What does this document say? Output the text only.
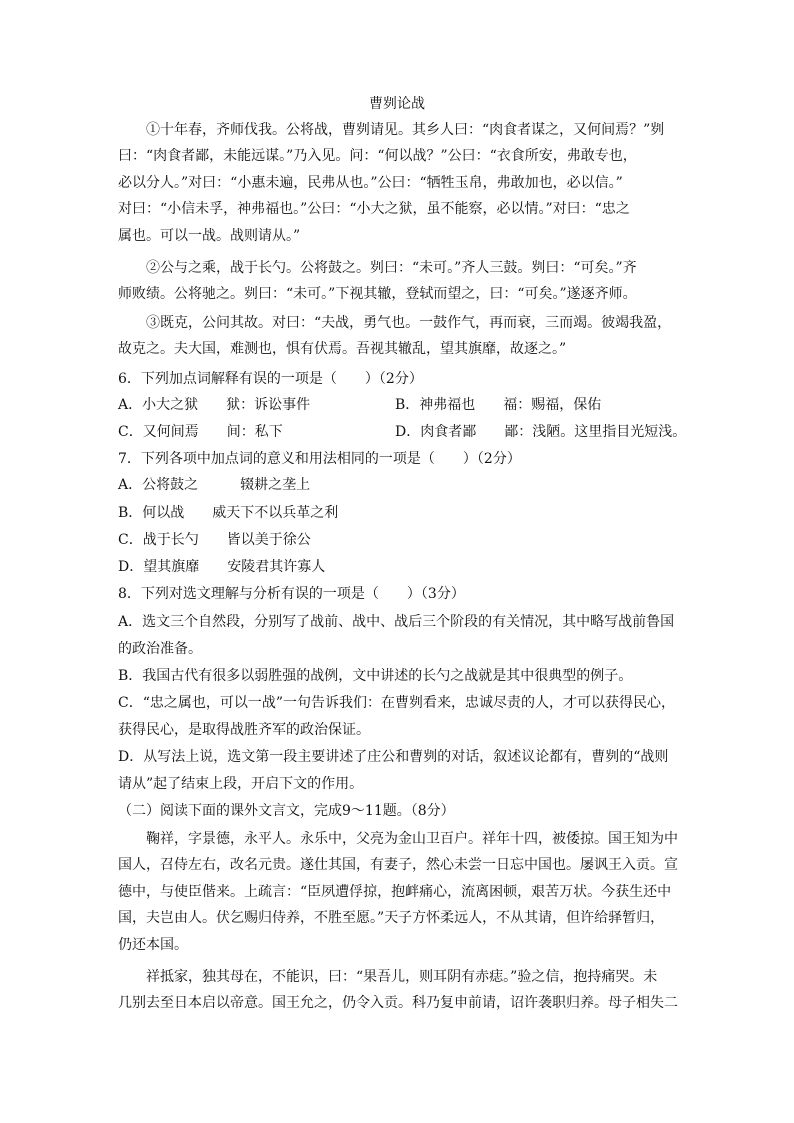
曹刿论战
①十年春，齐师伐我。公将战，曹刿请见。其乡人曰：“肉食者谋之，又何间焉？”刿
曰：“肉食者鄙，未能远谋。”乃入见。问：“何以战？”公曰：“衣食所安，弗敢专也，
必以分人。”对曰：“小惠未遍，民弗从也。”公曰：“牺牲玉帛，弗敢加也，必以信。”
对曰：“小信未孚，神弗福也。”公曰：“小大之狱，虽不能察，必以情。”对曰：“忠之
属也。可以一战。战则请从。”
②公与之乘，战于长勺。公将鼓之。刿曰：“未可。”齐人三鼓。刿曰：“可矣。”齐
师败绩。公将驰之。刿曰：“未可。”下视其辙，登轼而望之，曰：“可矣。”遂逐齐师。
③既克，公问其故。对曰：“夫战，勇气也。一鼓作气，再而衰，三而竭。彼竭我盈，
故克之。夫大国，难测也，惧有伏焉。吾视其辙乱，望其旗靡，故逐之。”
6．下列加点词解释有误的一项是（　　）（2分）
A．小大之狱　　狱：诉讼事件	B．神弗福也　　福：赐福，保佑
C．又何间焉　　间：私下	D．肉食者鄙　　鄙：浅陋。这里指目光短浅。
7．下列各项中加点词的意义和用法相同的一项是（　　）（2分）
A．公将鼓之　　　辍耕之垄上
B．何以战　　威天下不以兵革之利
C．战于长勺　　皆以美于徐公
D．望其旗靡　　安陵君其许寡人
8．下列对选文理解与分析有误的一项是（　　）（3分）
A．选文三个自然段，分别写了战前、战中、战后三个阶段的有关情况，其中略写战前鲁国
的政治准备。
B．我国古代有很多以弱胜强的战例，文中讲述的长勺之战就是其中很典型的例子。
C．“忠之属也，可以一战”一句告诉我们：在曹刿看来，忠诚尽责的人，才可以获得民心，
获得民心，是取得战胜齐军的政治保证。
D．从写法上说，选文第一段主要讲述了庄公和曹刿的对话，叙述议论都有，曹刿的“战则
请从”起了结束上段，开启下文的作用。
（二）阅读下面的课外文言文，完成9～11题。（8分）
鞠祥，字景德，永平人。永乐中，父亮为金山卫百户。祥年十四，被倭掠。国王知为中
国人，召侍左右，改名元贵。遂仕其国，有妻子，然心未尝一日忘中国也。屡讽王入贡。宣
德中，与使臣偕来。上疏言：“臣夙遭俘掠，抱衅痛心，流离困顿，艰苦万状。今获生还中
国，夫岂由人。伏乞赐归侍养，不胜至愿。”天子方怀柔远人，不从其请，但许给驿暂归，
仍还本国。
祥抵家，独其母在，不能识，曰：“果吾儿，则耳阴有赤痣。”验之信，抱持痛哭。未
几别去至日本启以帝意。国王允之，仍令入贡。科乃复申前请，诏许袭职归养。母子相失二
